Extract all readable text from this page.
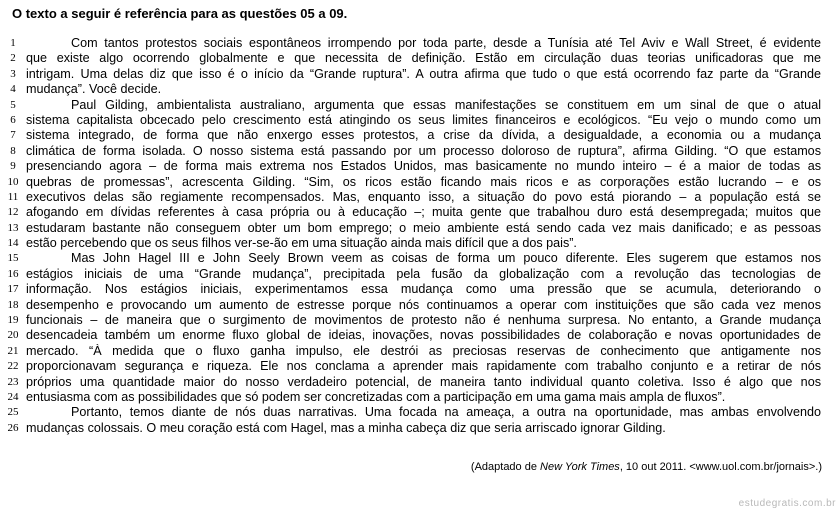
O texto a seguir é referência para as questões 05 a 09.
1	Com tantos protestos sociais espontâneos irrompendo por toda parte, desde a Tunísia até Tel Aviv e Wall Street, é evidente
2 que existe algo ocorrendo globalmente e que necessita de definição. Estão em circulação duas teorias unificadoras que me
3 intrigam. Uma delas diz que isso é o início da “Grande ruptura”. A outra afirma que tudo o que está ocorrendo faz parte da “Grande
4 mudança”. Você decide.
5	Paul Gilding, ambientalista australiano, argumenta que essas manifestações se constituem em um sinal de que o atual
6 sistema capitalista obcecado pelo crescimento está atingindo os seus limites financeiros e ecológicos. “Eu vejo o mundo como um
7 sistema integrado, de forma que não enxergo esses protestos, a crise da dívida, a desigualdade, a economia ou a mudança
8 climática de forma isolada. O nosso sistema está passando por um processo doloroso de ruptura”, afirma Gilding. “O que estamos
9 presenciando agora – de forma mais extrema nos Estados Unidos, mas basicamente no mundo inteiro – é a maior de todas as
10 quebras de promessas”, acrescenta Gilding. “Sim, os ricos estão ficando mais ricos e as corporações estão lucrando – e os
11 executivos delas são regiamente recompensados. Mas, enquanto isso, a situação do povo está piorando – a população está se
12 afogando em dívidas referentes à casa própria ou à educação –; muita gente que trabalhou duro está desempregada; muitos que
13 estudaram bastante não conseguem obter um bom emprego; o meio ambiente está sendo cada vez mais danificado; e as pessoas
14 estão percebendo que os seus filhos ver-se-ão em uma situação ainda mais difícil que a dos pais”.
15	Mas John Hagel III e John Seely Brown veem as coisas de forma um pouco diferente. Eles sugerem que estamos nos
16 estágios iniciais de uma “Grande mudança”, precipitada pela fusão da globalização com a revolução das tecnologias de
17 informação. Nos estágios iniciais, experimentamos essa mudança como uma pressão que se acumula, deteriorando o
18 desempenho e provocando um aumento de estresse porque nós continuamos a operar com instituições que são cada vez menos
19 funcionais – de maneira que o surgimento de movimentos de protesto não é nenhuma surpresa. No entanto, a Grande mudança
20 desencadeia também um enorme fluxo global de ideias, inovações, novas possibilidades de colaboração e novas oportunidades de
21 mercado. “À medida que o fluxo ganha impulso, ele destrói as preciosas reservas de conhecimento que antigamente nos
22 proporcionavam segurança e riqueza. Ele nos conclama a aprender mais rapidamente com trabalho conjunto e a retirar de nós
23 próprios uma quantidade maior do nosso verdadeiro potencial, de maneira tanto individual quanto coletiva. Isso é algo que nos
24 entusiasma com as possibilidades que só podem ser concretizadas com a participação em uma gama mais ampla de fluxos”.
25	Portanto, temos diante de nós duas narrativas. Uma focada na ameaça, a outra na oportunidade, mas ambas envolvendo
26 mudanças colossais. O meu coração está com Hagel, mas a minha cabeça diz que seria arriscado ignorar Gilding.
(Adaptado de New York Times, 10 out 2011. <www.uol.com.br/jornais>.)
estudegratis.com.br
